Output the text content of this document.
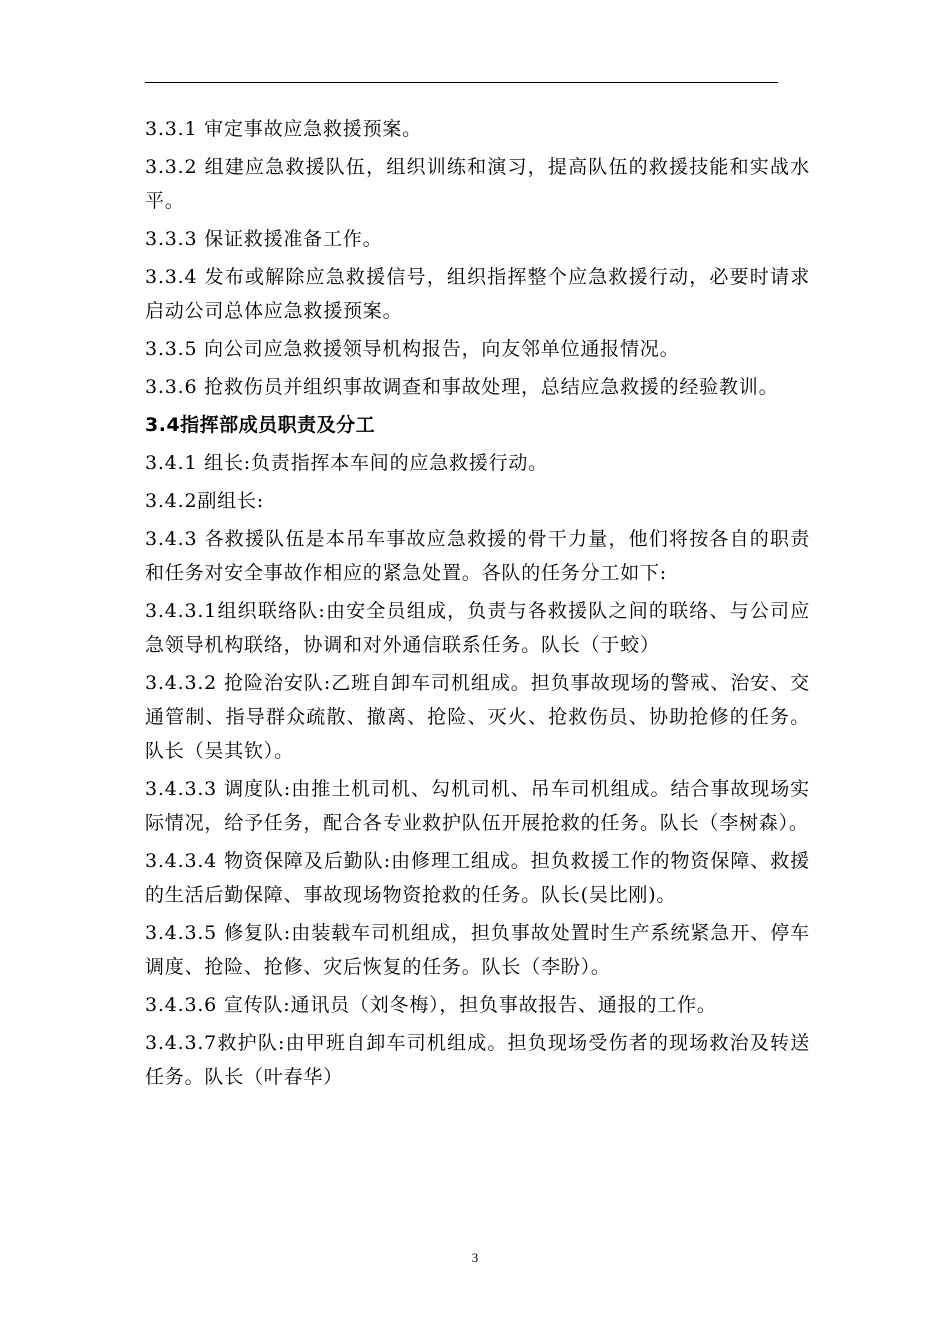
3.3.1 审定事故应急救援预案。

3.3.2 组建应急救援队伍，组织训练和演习，提高队伍的救援技能和实战水平。

3.3.3 保证救援准备工作。

3.3.4 发布或解除应急救援信号，组织指挥整个应急救援行动，必要时请求启动公司总体应急救援预案。

3.3.5 向公司应急救援领导机构报告，向友邻单位通报情况。

3.3.6 抢救伤员并组织事故调查和事故处理，总结应急救援的经验教训。

3.4指挥部成员职责及分工

3.4.1 组长:负责指挥本车间的应急救援行动。

3.4.2副组长:

3.4.3 各救援队伍是本吊车事故应急救援的骨干力量，他们将按各自的职责和任务对安全事故作相应的紧急处置。各队的任务分工如下:

3.4.3.1组织联络队:由安全员组成，负责与各救援队之间的联络、与公司应急领导机构联络，协调和对外通信联系任务。队长（于蛟）

3.4.3.2 抢险治安队:乙班自卸车司机组成。担负事故现场的警戒、治安、交通管制、指导群众疏散、撤离、抢险、灭火、抢救伤员、协助抢修的任务。队长（吴其钦）。

3.4.3.3 调度队:由推土机司机、勾机司机、吊车司机组成。结合事故现场实际情况，给予任务，配合各专业救护队伍开展抢救的任务。队长（李树森）。

3.4.3.4 物资保障及后勤队:由修理工组成。担负救援工作的物资保障、救援的生活后勤保障、事故现场物资抢救的任务。队长(吴比刚)。

3.4.3.5 修复队:由装载车司机组成，担负事故处置时生产系统紧急开、停车调度、抢险、抢修、灾后恢复的任务。队长（李盼）。

3.4.3.6 宣传队:通讯员（刘冬梅），担负事故报告、通报的工作。

3.4.3.7救护队:由甲班自卸车司机组成。担负现场受伤者的现场救治及转送任务。队长（叶春华）

3
